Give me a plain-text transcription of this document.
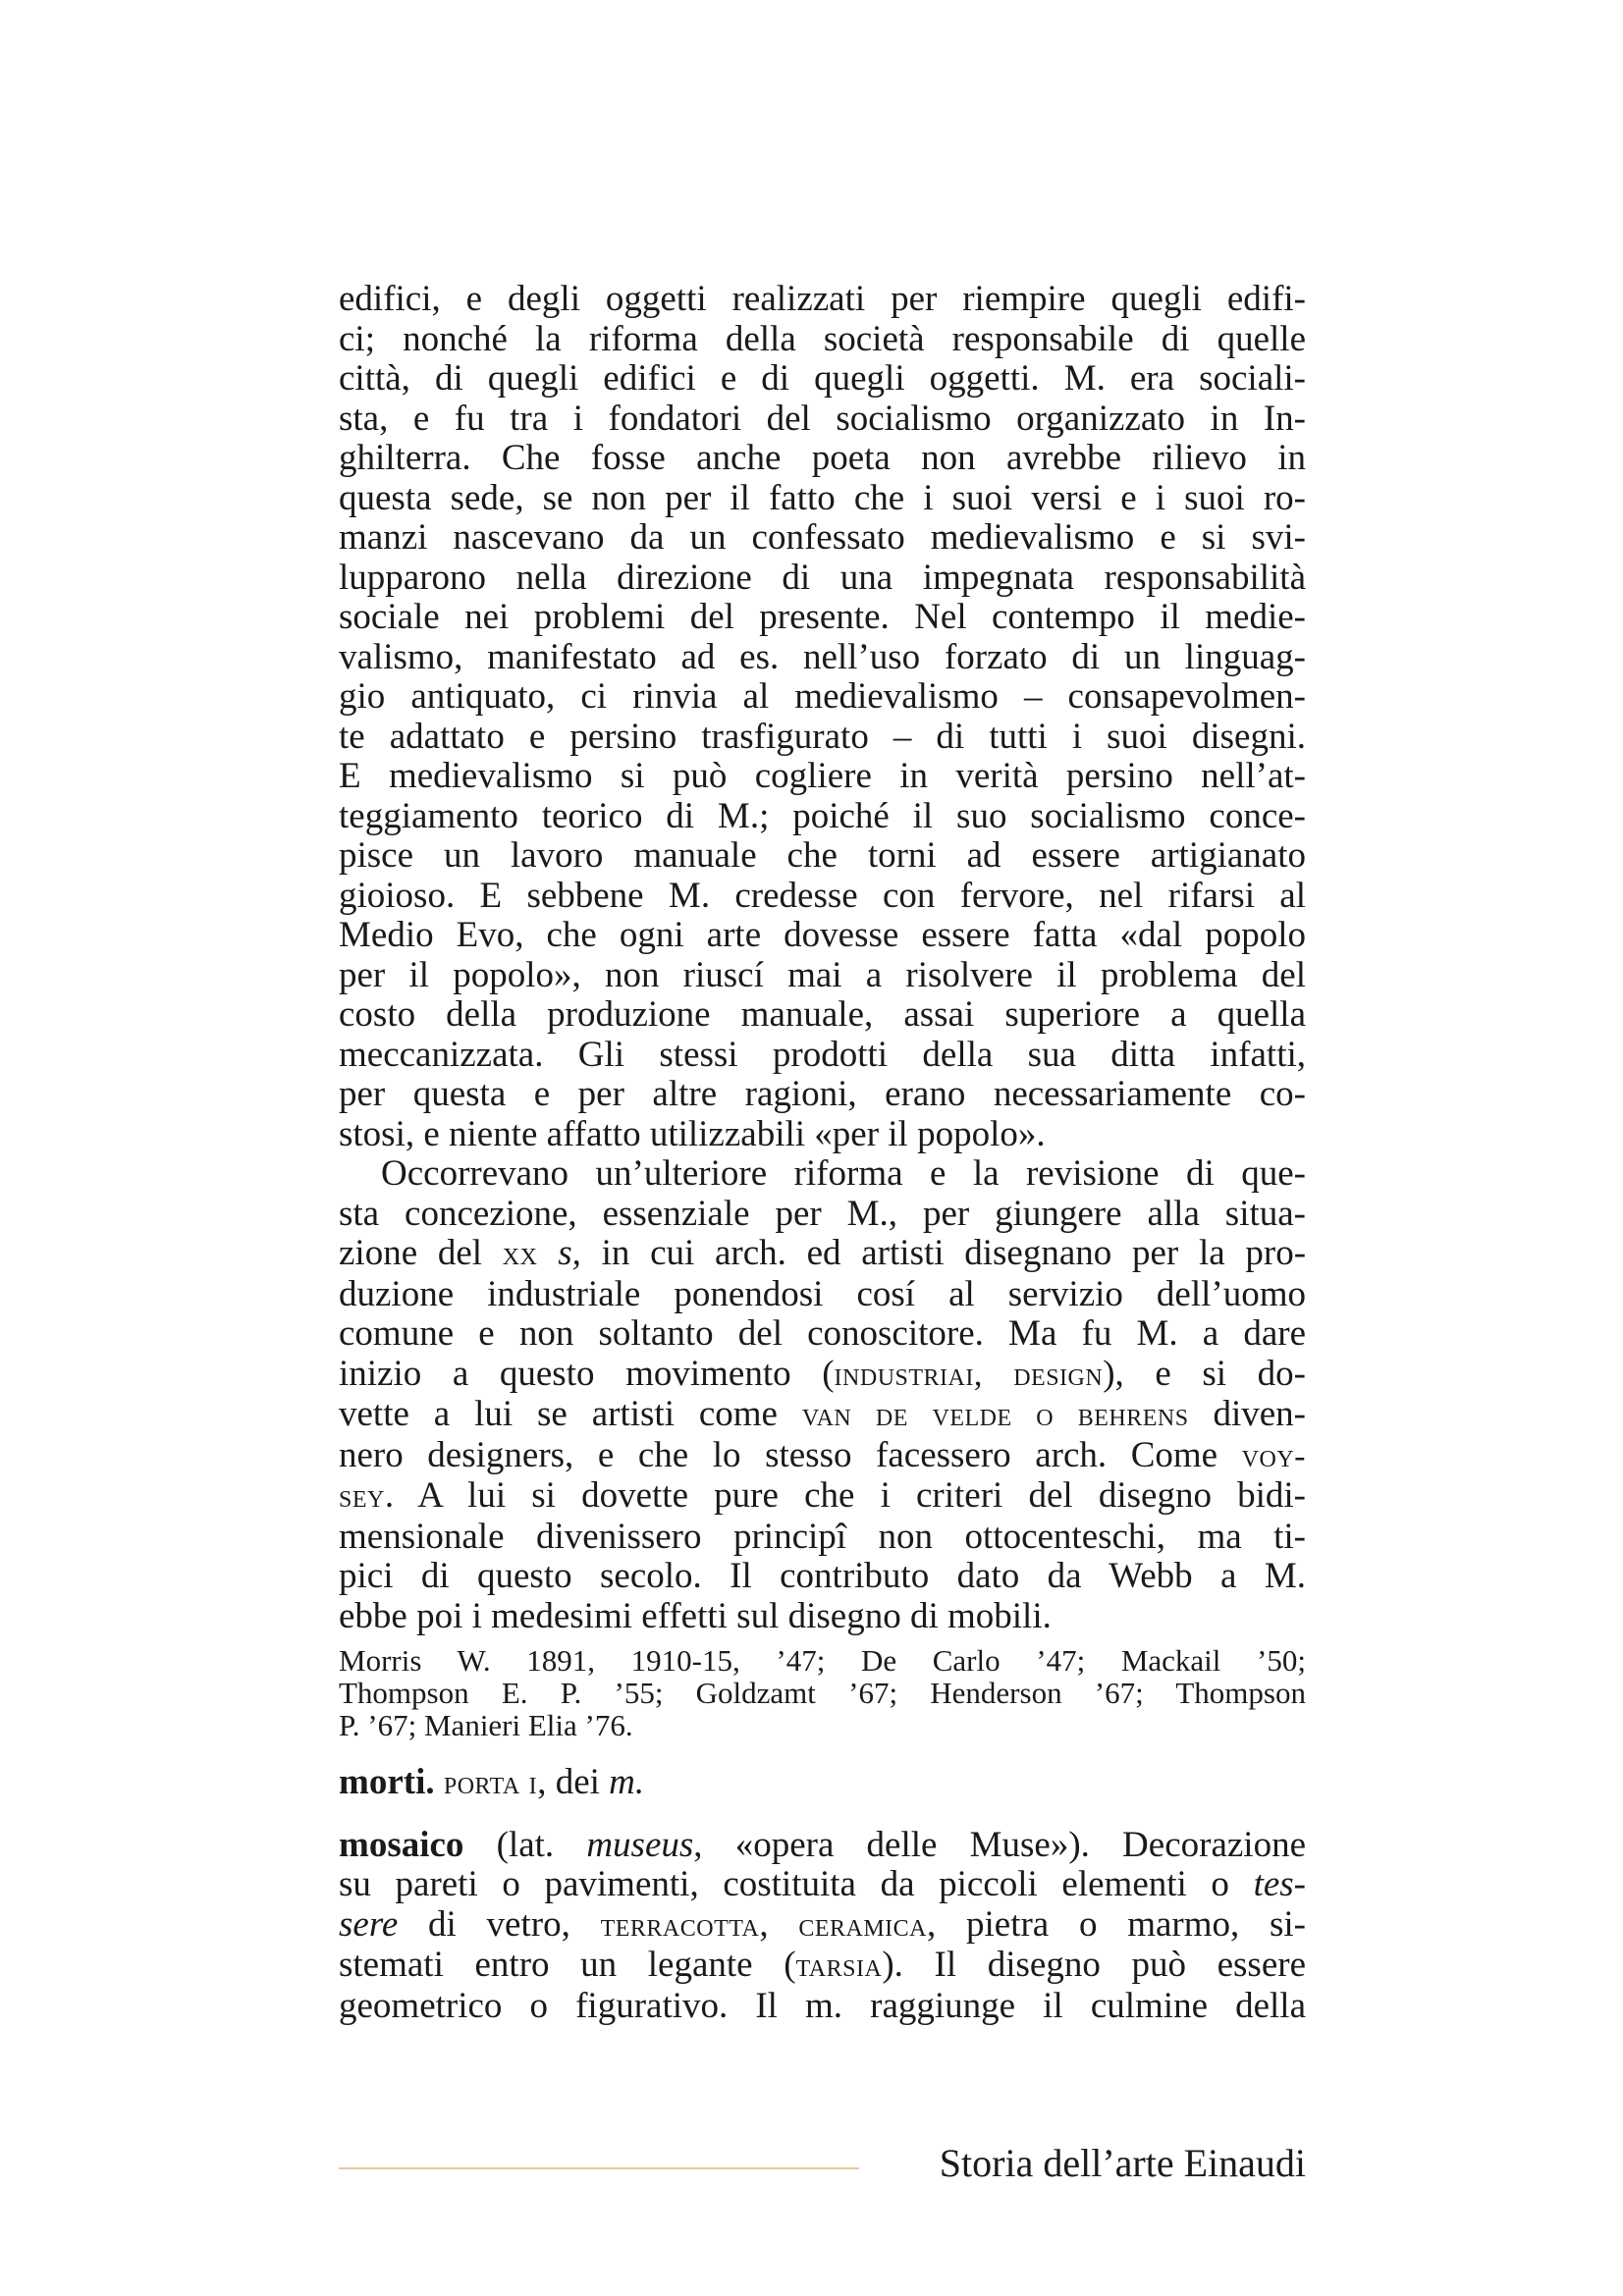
edifici, e degli oggetti realizzati per riempire quegli edifi-
ci; nonché la riforma della società responsabile di quelle
città, di quegli edifici e di quegli oggetti. M. era sociali-
sta, e fu tra i fondatori del socialismo organizzato in In-
ghilterra. Che fosse anche poeta non avrebbe rilievo in
questa sede, se non per il fatto che i suoi versi e i suoi ro-
manzi nascevano da un confessato medievalismo e si svi-
lupparono nella direzione di una impegnata responsabilità
sociale nei problemi del presente. Nel contempo il medie-
valismo, manifestato ad es. nell’uso forzato di un linguag-
gio antiquato, ci rinvia al medievalismo – consapevolmen-
te adattato e persino trasfigurato – di tutti i suoi disegni.
E medievalismo si può cogliere in verità persino nell’at-
teggiamento teorico di M.; poiché il suo socialismo conce-
pisce un lavoro manuale che torni ad essere artigianato
gioioso. E sebbene M. credesse con fervore, nel rifarsi al
Medio Evo, che ogni arte dovesse essere fatta «dal popolo
per il popolo», non riuscí mai a risolvere il problema del
costo della produzione manuale, assai superiore a quella
meccanizzata. Gli stessi prodotti della sua ditta infatti,
per questa e per altre ragioni, erano necessariamente co-
stosi, e niente affatto utilizzabili «per il popolo».
Occorrevano un’ulteriore riforma e la revisione di que-
sta concezione, essenziale per M., per giungere alla situa-
zione del xx s, in cui arch. ed artisti disegnano per la pro-
duzione industriale ponendosi cosí al servizio dell’uomo
comune e non soltanto del conoscitore. Ma fu M. a dare
inizio a questo movimento (industriai, design), e si do-
vette a lui se artisti come van de velde o behrens diven-
nero designers, e che lo stesso facessero arch. Come voy-
sey. A lui si dovette pure che i criteri del disegno bidi-
mensionale divenissero principî non ottocenteschi, ma ti-
pici di questo secolo. Il contributo dato da Webb a M.
ebbe poi i medesimi effetti sul disegno di mobili.
Morris W. 1891, 1910-15, ’47; De Carlo ’47; Mackail ’50;
Thompson E. P. ’55; Goldzamt ’67; Henderson ’67; Thompson
P. ’67; Manieri Elia ’76.
morti. porta i, dei m.
mosaico (lat. museus, «opera delle Muse»). Decorazione
su pareti o pavimenti, costituita da piccoli elementi o tes-
sere di vetro, terracotta, ceramica, pietra o marmo, si-
stemati entro un legante (tarsia). Il disegno può essere
geometrico o figurativo. Il m. raggiunge il culmine della
Storia dell’arte Einaudi
